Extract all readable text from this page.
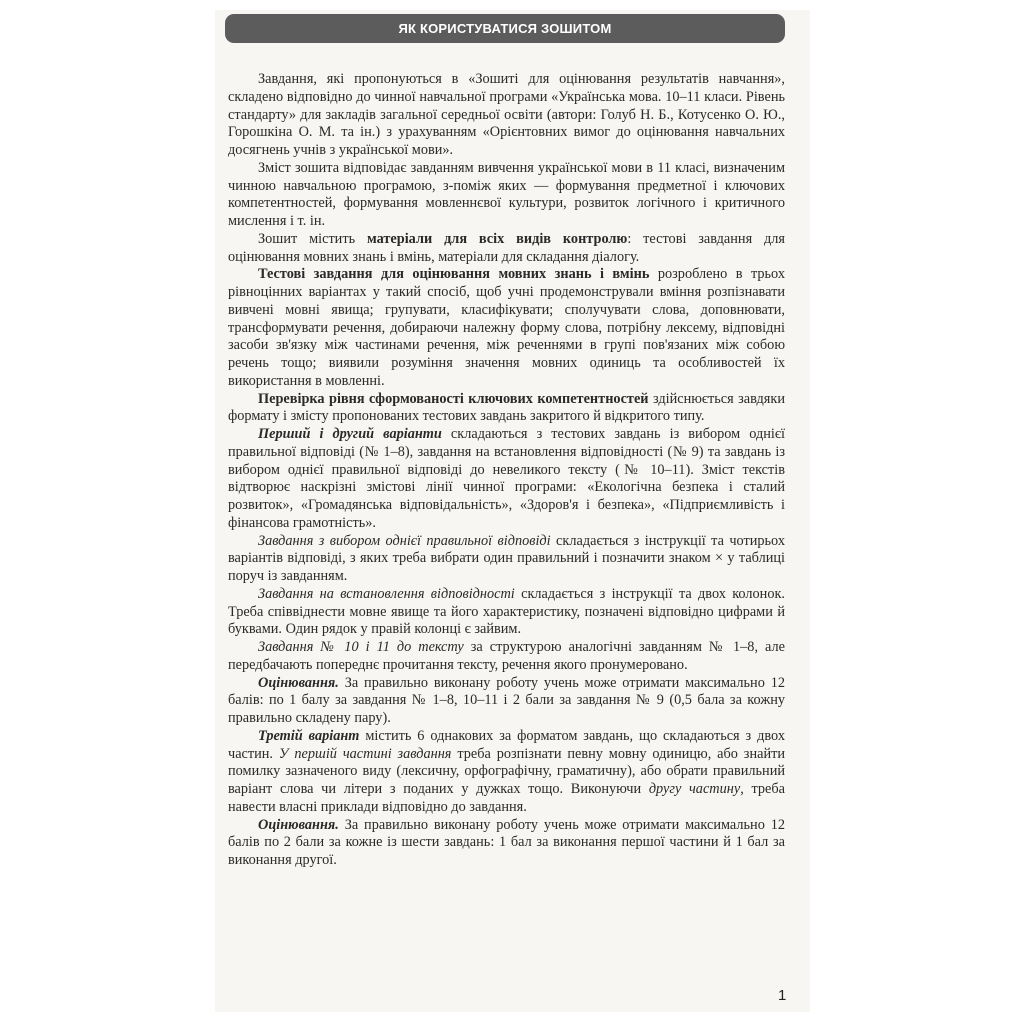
ЯК КОРИСТУВАТИСЯ ЗОШИТОМ

Завдання, які пропонуються в «Зошиті для оцінювання результатів навчання», складено відповідно до чинної навчальної програми «Українська мова. 10–11 класи. Рівень стандарту» для закладів загальної середньої освіти (автори: Голуб Н. Б., Котусенко О. Ю., Горошкіна О. М. та ін.) з урахуванням «Орієнтовних вимог до оцінювання навчальних досягнень учнів з української мови».

Зміст зошита відповідає завданням вивчення української мови в 11 класі, визначеним чинною навчальною програмою, з-поміж яких — формування предметної і ключових компетентностей, формування мовленнєвої культури, розвиток логічного і критичного мислення і т. ін.

Зошит містить матеріали для всіх видів контролю: тестові завдання для оцінювання мовних знань і вмінь, матеріали для складання діалогу.

Тестові завдання для оцінювання мовних знань і вмінь розроблено в трьох рівноцінних варіантах у такий спосіб, щоб учні продемонстрували вміння розпізнавати вивчені мовні явища; групувати, класифікувати; сполучувати слова, доповнювати, трансформувати речення, добираючи належну форму слова, потрібну лексему, відповідні засоби зв'язку між частинами речення, між реченнями в групі пов'язаних між собою речень тощо; виявили розуміння значення мовних одиниць та особливостей їх використання в мовленні.

Перевірка рівня сформованості ключових компетентностей здійснюється завдяки формату і змісту пропонованих тестових завдань закритого й відкритого типу.

Перший і другий варіанти складаються з тестових завдань із вибором однієї правильної відповіді (№ 1–8), завдання на встановлення відповідності (№ 9) та завдань із вибором однієї правильної відповіді до невеликого тексту (№ 10–11). Зміст текстів відтворює наскрізні змістові лінії чинної програми: «Екологічна безпека і сталий розвиток», «Громадянська відповідальність», «Здоров'я і безпека», «Підприємливість і фінансова грамотність».

Завдання з вибором однієї правильної відповіді складається з інструкції та чотирьох варіантів відповіді, з яких треба вибрати один правильний і позначити знаком × у таблиці поруч із завданням.

Завдання на встановлення відповідності складається з інструкції та двох колонок. Треба співвіднести мовне явище та його характеристику, позначені відповідно цифрами й буквами. Один рядок у правій колонці є зайвим.

Завдання № 10 і 11 до тексту за структурою аналогічні завданням № 1–8, але передбачають попереднє прочитання тексту, речення якого пронумеровано.

Оцінювання. За правильно виконану роботу учень може отримати максимально 12 балів: по 1 балу за завдання № 1–8, 10–11 і 2 бали за завдання № 9 (0,5 бала за кожну правильно складену пару).

Третій варіант містить 6 однакових за форматом завдань, що складаються з двох частин. У першій частині завдання треба розпізнати певну мовну одиницю, або знайти помилку зазначеного виду (лексичну, орфографічну, граматичну), або обрати правильний варіант слова чи літери з поданих у дужках тощо. Виконуючи другу частину, треба навести власні приклади відповідно до завдання.

Оцінювання. За правильно виконану роботу учень може отримати максимально 12 балів по 2 бали за кожне із шести завдань: 1 бал за виконання першої частини й 1 бал за виконання другої.

1
